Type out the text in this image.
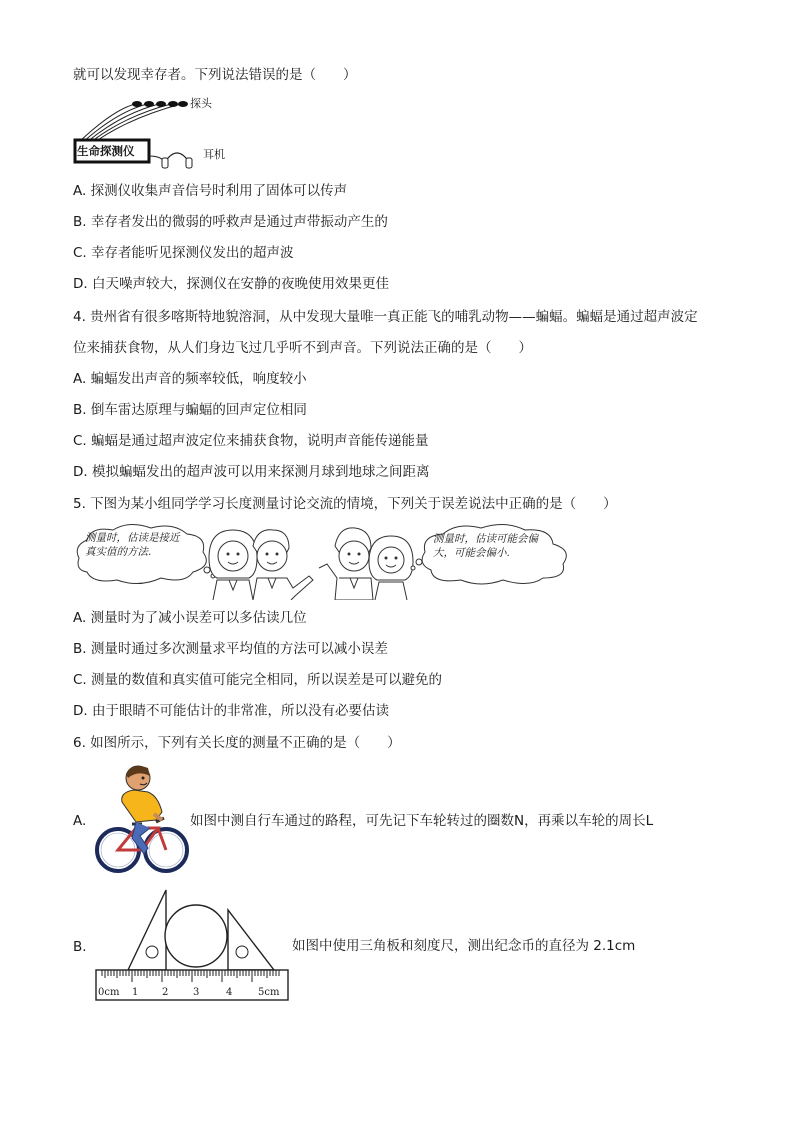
就可以发现幸存者。下列说法错误的是（　　）
生命探测仪
探头
耳机
A. 探测仪收集声音信号时利用了固体可以传声
B. 幸存者发出的微弱的呼救声是通过声带振动产生的
C. 幸存者能听见探测仪发出的超声波
D. 白天噪声较大，探测仪在安静的夜晚使用效果更佳
4. 贵州省有很多喀斯特地貌溶洞，从中发现大量唯一真正能飞的哺乳动物——蝙蝠。蝙蝠是通过超声波定
位来捕获食物，从人们身边飞过几乎听不到声音。下列说法正确的是（　　）
A. 蝙蝠发出声音的频率较低，响度较小
B. 倒车雷达原理与蝙蝠的回声定位相同
C. 蝙蝠是通过超声波定位来捕获食物，说明声音能传递能量
D. 模拟蝙蝠发出的超声波可以用来探测月球到地球之间距离
5. 下图为某小组同学学习长度测量讨论交流的情境，下列关于误差说法中正确的是（　　）
测量时，估读是接近
真实值的方法.
测量时，估读可能会偏
大，可能会偏小.
A. 测量时为了减小误差可以多估读几位
B. 测量时通过多次测量求平均值的方法可以减小误差
C. 测量的数值和真实值可能完全相同，所以误差是可以避免的
D. 由于眼睛不可能估计的非常准，所以没有必要估读
6. 如图所示，下列有关长度的测量不正确的是（　　）
A.	如图中测自行车通过的路程，可先记下车轮转过的圈数N，再乘以车轮的周长L
B.
0cm 1 2 3	4	5cm
如图中使用三角板和刻度尺，测出纪念币的直径为 2.1cm
